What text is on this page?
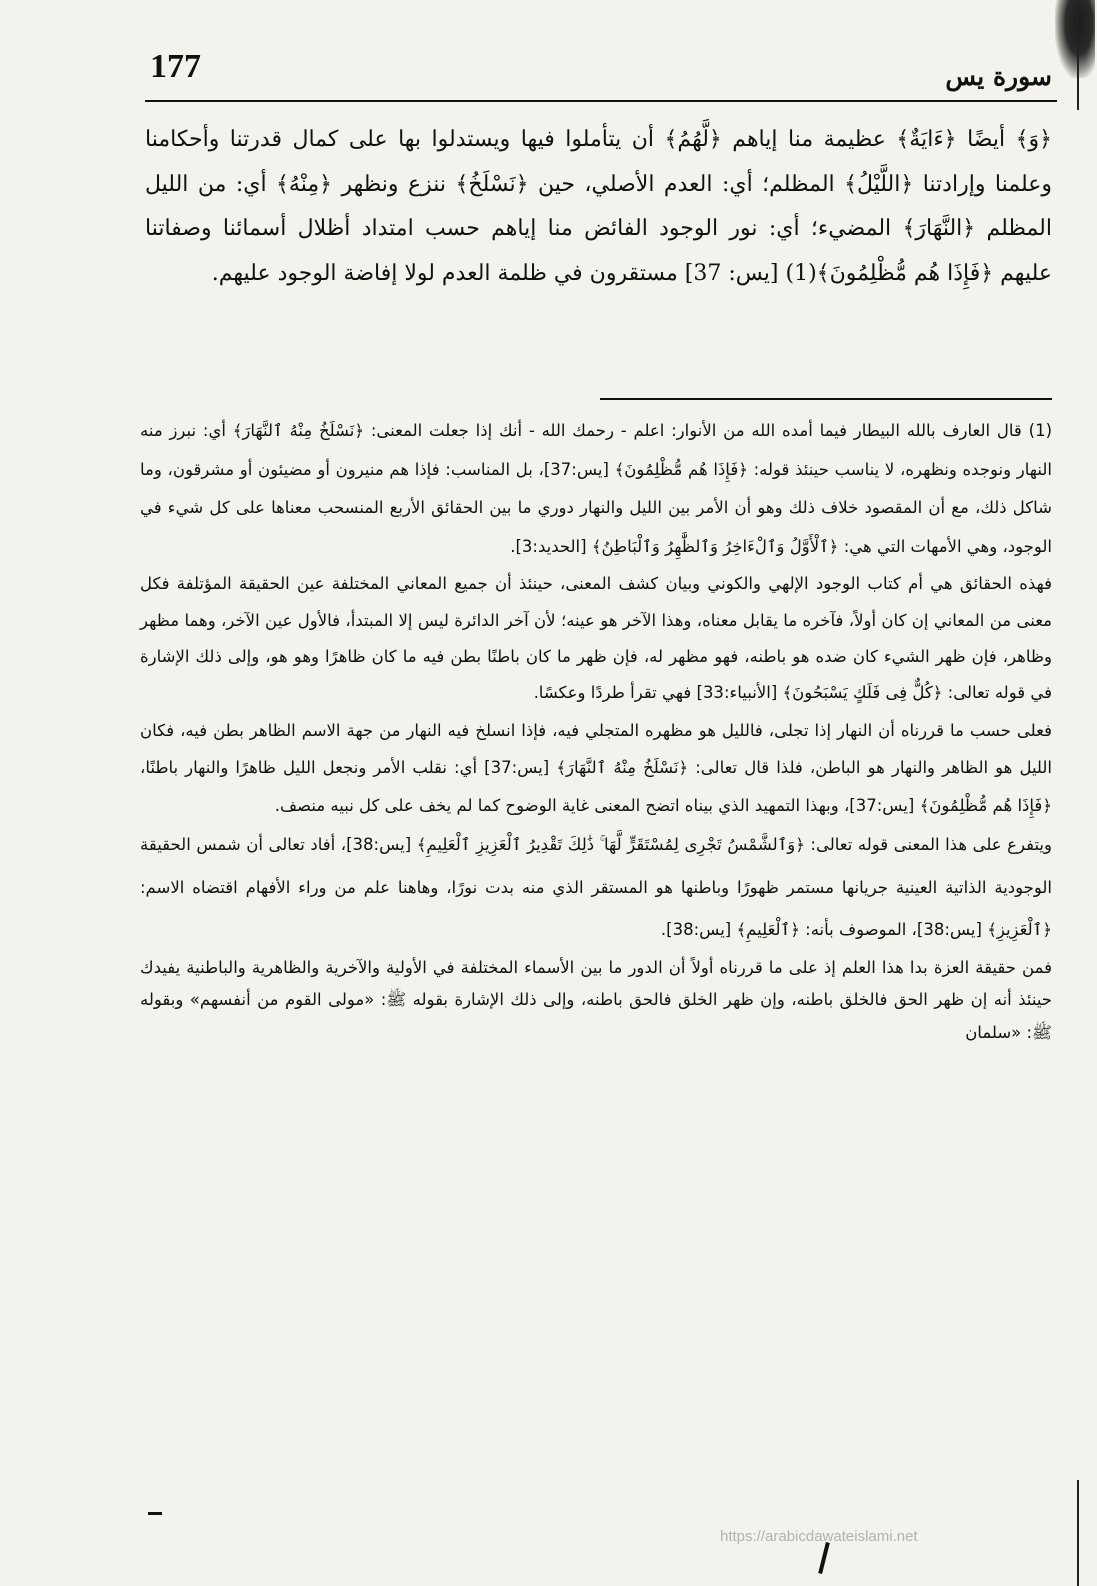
177	سورة يس

﴿وَ﴾ أيضًا ﴿ءَايَةٌ﴾ عظيمة منا إياهم ﴿لَّهُمُ﴾ أن يتأملوا فيها ويستدلوا بها على كمال قدرتنا وأحكامنا وعلمنا وإرادتنا ﴿اللَّيْلُ﴾ المظلم؛ أي: العدم الأصلي، حين ﴿نَسْلَخُ﴾ ننزع ونظهر ﴿مِنْهُ﴾ أي: من الليل المظلم ﴿النَّهَارَ﴾ المضيء؛ أي: نور الوجود الفائض منا إياهم حسب امتداد أظلال أسمائنا وصفاتنا عليهم ﴿فَإِذَا هُم مُّظْلِمُونَ﴾(1) [يس: 37] مستقرون في ظلمة العدم لولا إفاضة الوجود عليهم.

(1) قال العارف بالله البيطار فيما أمده الله من الأنوار: اعلم - رحمك الله - أنك إذا جعلت المعنى: ﴿نَسْلَخُ مِنْهُ ٱلنَّهَارَ﴾ أي: نبرز منه النهار ونوجده ونظهره، لا يناسب حينئذ قوله: ﴿فَإِذَا هُم مُّظْلِمُونَ﴾ [يس:37]، بل المناسب: فإذا هم منيرون أو مضيئون أو مشرقون، وما شاكل ذلك، مع أن المقصود خلاف ذلك وهو أن الأمر بين الليل والنهار دوري ما بين الحقائق الأربع المنسحب معناها على كل شيء في الوجود، وهي الأمهات التي هي: ﴿ٱلْأَوَّلُ وَٱلْءَاخِرُ وَٱلظَّٰهِرُ وَٱلْبَاطِنُ﴾ [الحديد:3].

فهذه الحقائق هي أم كتاب الوجود الإلهي والكوني وبيان كشف المعنى، حينئذ أن جميع المعاني المختلفة عين الحقيقة المؤتلفة فكل معنى من المعاني إن كان أولاً، فآخره ما يقابل معناه، وهذا الآخر هو عينه؛ لأن آخر الدائرة ليس إلا المبتدأ، فالأول عين الآخر، وهما مظهر وظاهر، فإن ظهر الشيء كان ضده هو باطنه، فهو مظهر له، فإن ظهر ما كان باطنًا بطن فيه ما كان ظاهرًا وهو هو، وإلى ذلك الإشارة في قوله تعالى: ﴿كُلٌّ فِى فَلَكٍ يَسْبَحُونَ﴾ [الأنبياء:33] فهي تقرأ طردًا وعكسًا.

فعلى حسب ما قررناه أن النهار إذا تجلى، فالليل هو مظهره المتجلي فيه، فإذا انسلخ فيه النهار من جهة الاسم الظاهر بطن فيه، فكان الليل هو الظاهر والنهار هو الباطن، فلذا قال تعالى: ﴿نَسْلَخُ مِنْهُ ٱلنَّهَارَ﴾ [يس:37] أي: نقلب الأمر ونجعل الليل ظاهرًا والنهار باطنًا، ﴿فَإِذَا هُم مُّظْلِمُونَ﴾ [يس:37]، وبهذا التمهيد الذي بيناه اتضح المعنى غاية الوضوح كما لم يخف على كل نبيه منصف.

ويتفرع على هذا المعنى قوله تعالى: ﴿وَٱلشَّمْسُ تَجْرِى لِمُسْتَقَرٍّ لَّهَا ۚ ذَٰلِكَ تَقْدِيرُ ٱلْعَزِيزِ ٱلْعَلِيمِ﴾ [يس:38]، أفاد تعالى أن شمس الحقيقة الوجودية الذاتية العينية جريانها مستمر ظهورًا وباطنها هو المستقر الذي منه بدت نورًا، وهاهنا علم من وراء الأفهام اقتضاه الاسم: ﴿ٱلْعَزِيزِ﴾ [يس:38]، الموصوف بأنه: ﴿ٱلْعَلِيمِ﴾ [يس:38].

فمن حقيقة العزة بدا هذا العلم إذ على ما قررناه أولاً أن الدور ما بين الأسماء المختلفة في الأولية والآخرية والظاهرية والباطنية يفيدك حينئذ أنه إن ظهر الحق فالخلق باطنه، وإن ظهر الخلق فالحق باطنه، وإلى ذلك الإشارة بقوله ﷺ: «مولى القوم من أنفسهم» وبقوله ﷺ: «سلمان

https://arabicdawateislami.net
